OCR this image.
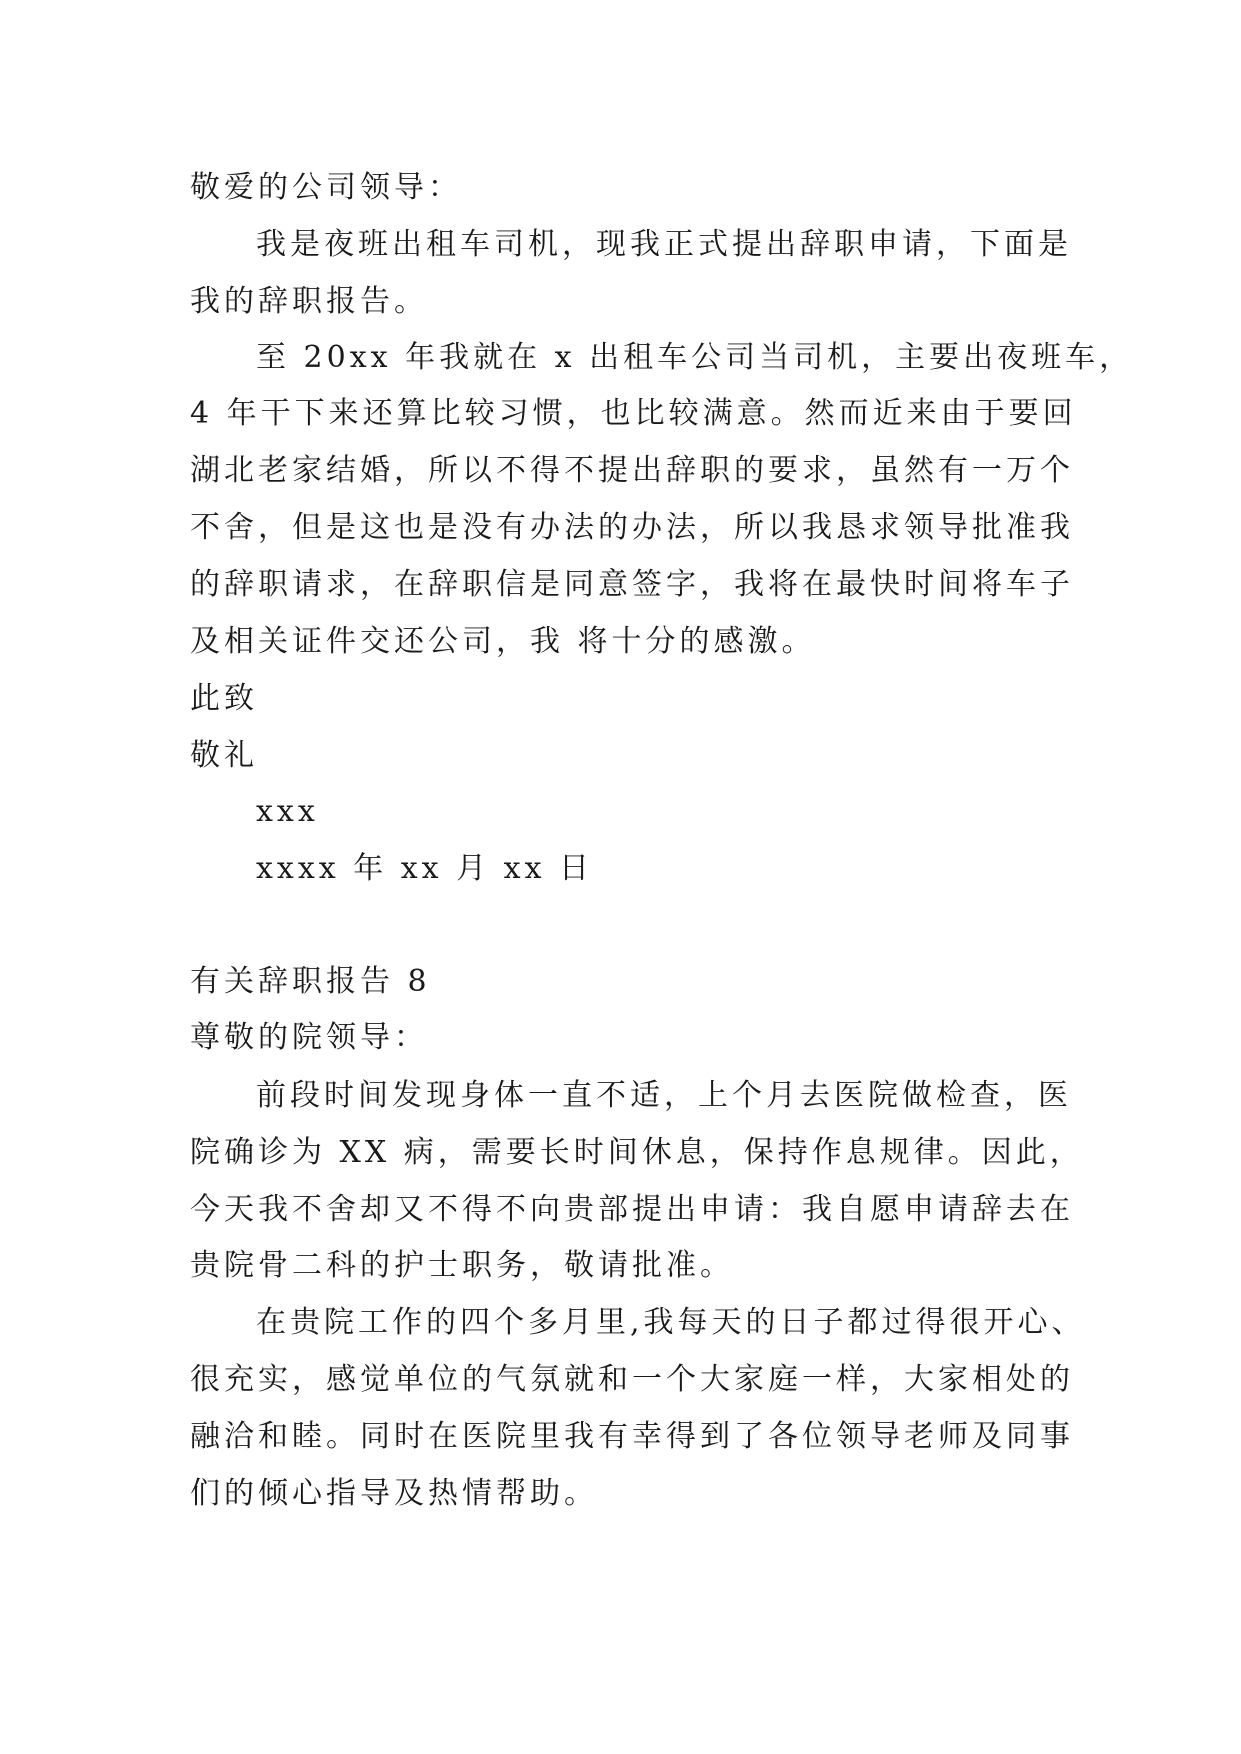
敬爱的公司领导：

我是夜班出租车司机，现我正式提出辞职申请，下面是

我的辞职报告。

至 20xx 年我就在 x 出租车公司当司机，主要出夜班车，

4 年干下来还算比较习惯，也比较满意。然而近来由于要回

湖北老家结婚，所以不得不提出辞职的要求，虽然有一万个

不舍，但是这也是没有办法的办法，所以我恳求领导批准我

的辞职请求，在辞职信是同意签字，我将在最快时间将车子

及相关证件交还公司，我 将十分的感激。

此致

敬礼

xxx

xxxx 年 xx 月 xx 日

有关辞职报告 8

尊敬的院领导：

前段时间发现身体一直不适，上个月去医院做检查，医

院确诊为 XX 病，需要长时间休息，保持作息规律。因此，

今天我不舍却又不得不向贵部提出申请：我自愿申请辞去在

贵院骨二科的护士职务，敬请批准。

在贵院工作的四个多月里,我每天的日子都过得很开心、

很充实，感觉单位的气氛就和一个大家庭一样，大家相处的

融洽和睦。同时在医院里我有幸得到了各位领导老师及同事

们的倾心指导及热情帮助。
